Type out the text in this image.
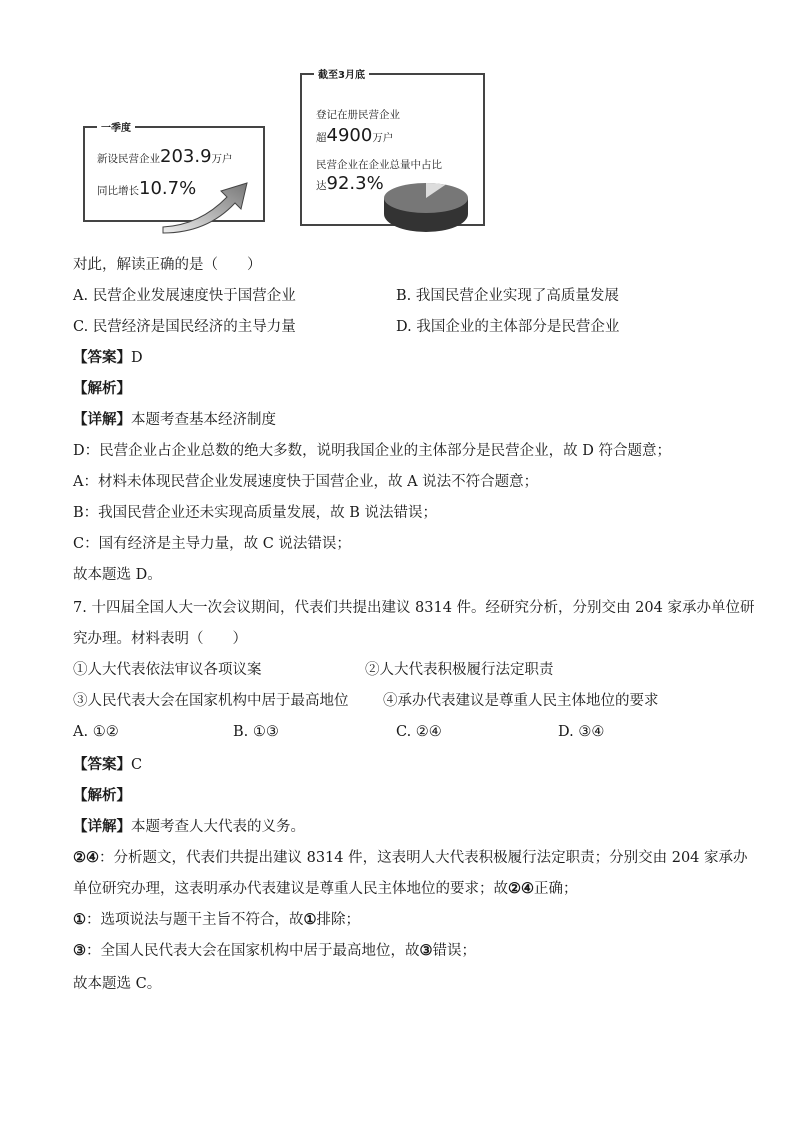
一季度
新设民营企业203.9万户
同比增长10.7%
截至3月底
登记在册民营企业
超4900万户
民营企业在企业总量中占比
达92.3%
对此，解读正确的是（　　）
A. 民营企业发展速度快于国营企业	B. 我国民营企业实现了高质量发展
C. 民营经济是国民经济的主导力量	D. 我国企业的主体部分是民营企业
【答案】D
【解析】
【详解】本题考查基本经济制度
D：民营企业占企业总数的绝大多数，说明我国企业的主体部分是民营企业，故 D 符合题意；
A：材料未体现民营企业发展速度快于国营企业，故 A 说法不符合题意；
B：我国民营企业还未实现高质量发展，故 B 说法错误；
C：国有经济是主导力量，故 C 说法错误；
故本题选 D。
7. 十四届全国人大一次会议期间，代表们共提出建议 8314 件。经研究分析，分别交由 204 家承办单位研
究办理。材料表明（　　）
①人大代表依法审议各项议案	②人大代表积极履行法定职责
③人民代表大会在国家机构中居于最高地位 ④承办代表建议是尊重人民主体地位的要求
A. ①②	B. ①③	C. ②④	D. ③④
【答案】C
【解析】
【详解】本题考查人大代表的义务。
②④：分析题文，代表们共提出建议 8314 件，这表明人大代表积极履行法定职责；分别交由 204 家承办
单位研究办理，这表明承办代表建议是尊重人民主体地位的要求；故②④正确；
①：选项说法与题干主旨不符合，故①排除；
③：全国人民代表大会在国家机构中居于最高地位，故③错误；
故本题选 C。
